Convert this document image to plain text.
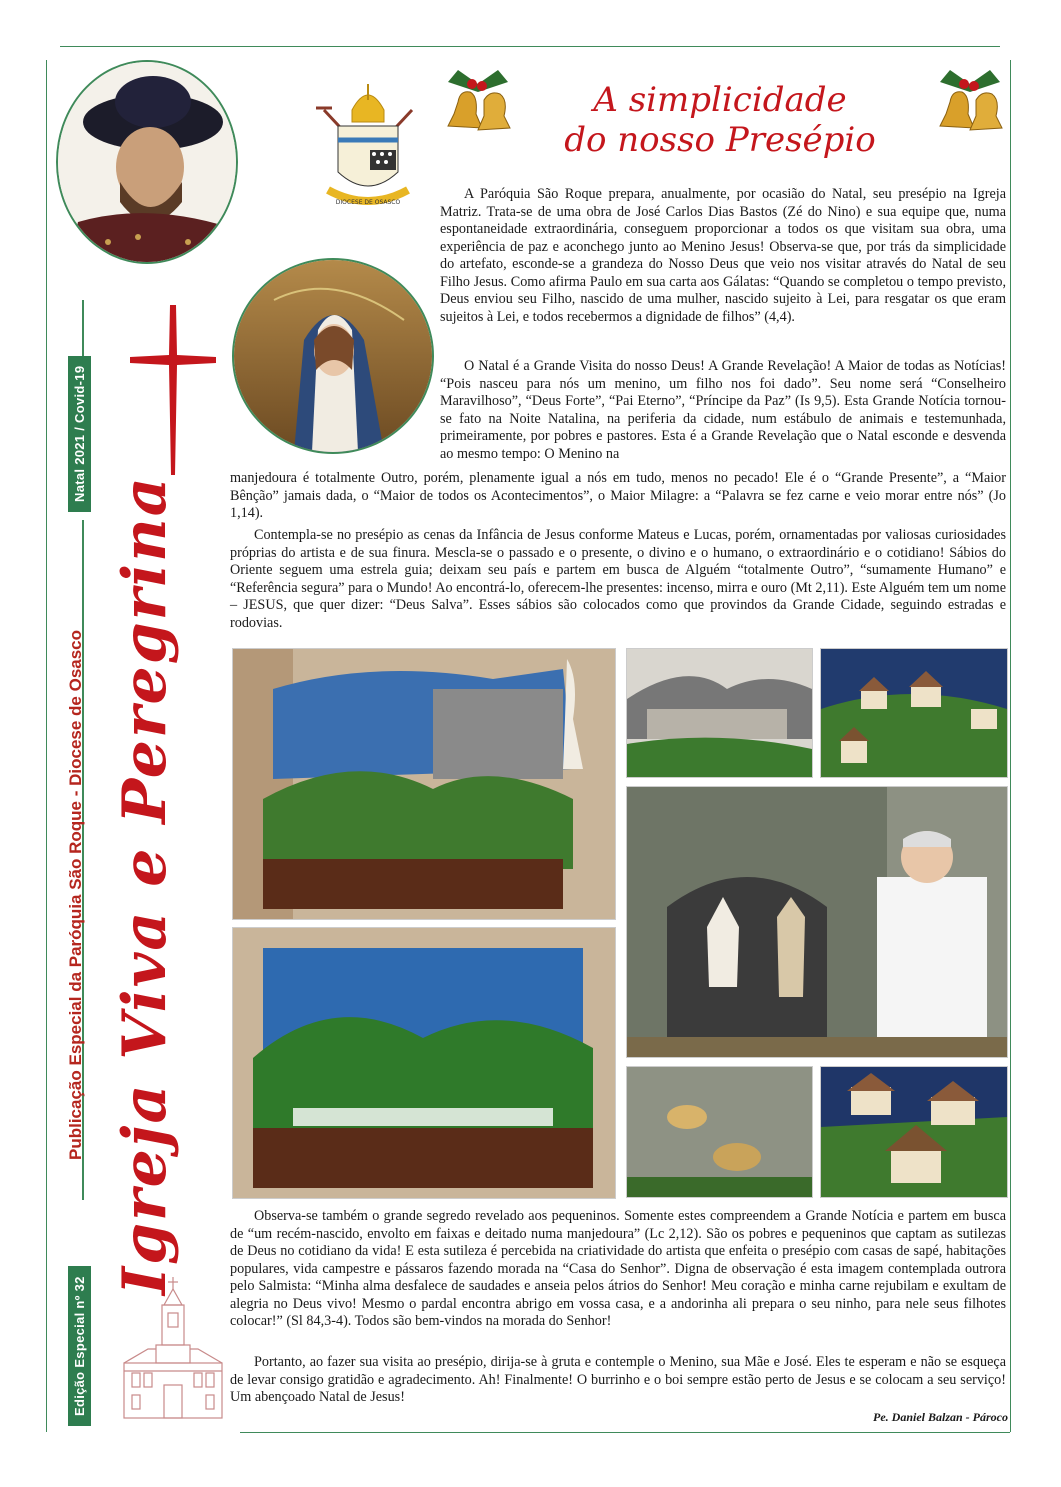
Natal 2021 / Covid-19
Publicação Especial da Paróquia São Roque - Diocese de Osasco
Edição Especial nº 32
Igreja Viva e Peregrina
DIOCESE DE OSASCO
A simplicidade
do nosso Presépio

A Paróquia São Roque prepara, anualmente, por ocasião do Natal, seu presépio na Igreja Matriz. Trata-se de uma obra de José Carlos Dias Bastos (Zé do Nino) e sua equipe que, numa espontaneidade extraordinária, conseguem proporcionar a todos os que visitam sua obra, uma experiência de paz e aconchego junto ao Menino Jesus! Observa-se que, por trás da simplicidade do artefato, esconde-se a grandeza do Nosso Deus que veio nos visitar através do Natal de seu Filho Jesus. Como afirma Paulo em sua carta aos Gálatas: “Quando se completou o tempo previsto, Deus enviou seu Filho, nascido de uma mulher, nascido sujeito à Lei, para resgatar os que eram sujeitos à Lei, e todos recebermos a dignidade de filhos” (4,4).

O Natal é a Grande Visita do nosso Deus! A Grande Revelação! A Maior de todas as Notícias! “Pois nasceu para nós um menino, um filho nos foi dado”. Seu nome será “Conselheiro Maravilhoso”, “Deus Forte”, “Pai Eterno”, “Príncipe da Paz” (Is 9,5). Esta Grande Notícia tornou-se fato na Noite Natalina, na periferia da cidade, num estábulo de animais e testemunhada, primeiramente, por pobres e pastores. Esta é a Grande Revelação que o Natal esconde e desvenda ao mesmo tempo: O Menino na

manjedoura é totalmente Outro, porém, plenamente igual a nós em tudo, menos no pecado! Ele é o “Grande Presente”, a “Maior Bênção” jamais dada, o “Maior de todos os Acontecimentos”, o Maior Milagre: a “Palavra se fez carne e veio morar entre nós” (Jo 1,14).

Contempla-se no presépio as cenas da Infância de Jesus conforme Mateus e Lucas, porém, ornamentadas por valiosas curiosidades próprias do artista e de sua finura. Mescla-se o passado e o presente, o divino e o humano, o extraordinário e o cotidiano! Sábios do Oriente seguem uma estrela guia; deixam seu país e partem em busca de Alguém “totalmente Outro”, “sumamente Humano” e “Referência segura” para o Mundo! Ao encontrá-lo, oferecem-lhe presentes: incenso, mirra e ouro (Mt 2,11). Este Alguém tem um nome – JESUS, que quer dizer: “Deus Salva”. Esses sábios são colocados como que provindos da Grande Cidade, seguindo estradas e rodovias.

Observa-se também o grande segredo revelado aos pequeninos. Somente estes compreendem a Grande Notícia e partem em busca de “um recém-nascido, envolto em faixas e deitado numa manjedoura” (Lc 2,12). São os pobres e pequeninos que captam as sutilezas de Deus no cotidiano da vida! E esta sutileza é percebida na criatividade do artista que enfeita o presépio com casas de sapé, habitações populares, vida campestre e pássaros fazendo morada na “Casa do Senhor”. Digna de observação é esta imagem contemplada outrora pelo Salmista: “Minha alma desfalece de saudades e anseia pelos átrios do Senhor! Meu coração e minha carne rejubilam e exultam de alegria no Deus vivo! Mesmo o pardal encontra abrigo em vossa casa, e a andorinha ali prepara o seu ninho, para nele seus filhotes colocar!” (Sl 84,3-4). Todos são bem-vindos na morada do Senhor!

Portanto, ao fazer sua visita ao presépio, dirija-se à gruta e contemple o Menino, sua Mãe e José. Eles te esperam e não se esqueça de levar consigo gratidão e agradecimento. Ah! Finalmente! O burrinho e o boi sempre estão perto de Jesus e se colocam a seu serviço! Um abençoado Natal de Jesus!

Pe. Daniel Balzan - Pároco
